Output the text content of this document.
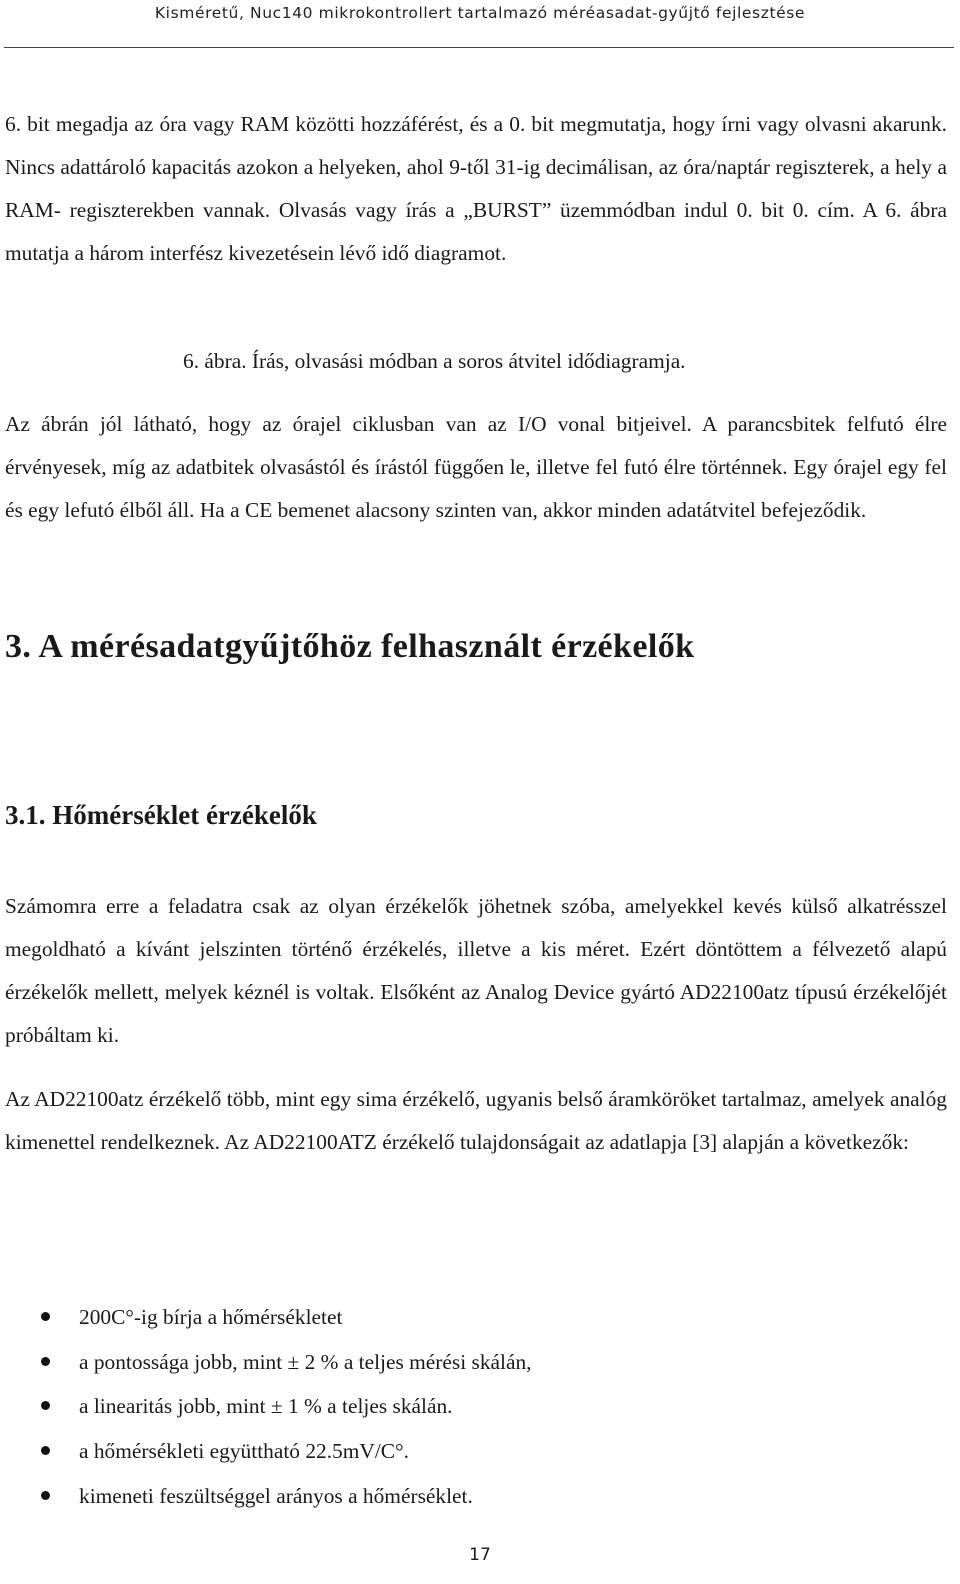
Kisméretű, Nuc140 mikrokontrollert tartalmazó méréasadat-gyűjtő fejlesztése

6. bit megadja az óra vagy RAM közötti hozzáférést, és a 0. bit megmutatja, hogy írni vagy olvasni akarunk. Nincs adattároló kapacitás azokon a helyeken, ahol 9-től 31-ig decimálisan, az óra/naptár regiszterek, a hely a RAM- regiszterekben vannak. Olvasás vagy írás a „BURST” üzemmódban indul 0. bit 0. cím. A 6. ábra mutatja a három interfész kivezetésein lévő idő diagramot.

6. ábra. Írás, olvasási módban a soros átvitel idődiagramja.

Az ábrán jól látható, hogy az órajel ciklusban van az I/O vonal bitjeivel. A parancsbitek felfutó élre érvényesek, míg az adatbitek olvasástól és írástól függően le, illetve fel futó élre történnek. Egy órajel egy fel és egy lefutó élből áll. Ha a CE bemenet alacsony szinten van, akkor minden adatátvitel befejeződik.

3. A mérésadatgyűjtőhöz felhasznált érzékelők
3.1. Hőmérséklet érzékelők

Számomra erre a feladatra csak az olyan érzékelők jöhetnek szóba, amelyekkel kevés külső alkatrésszel megoldható a kívánt jelszinten történő érzékelés, illetve a kis méret. Ezért döntöttem a félvezető alapú érzékelők mellett, melyek kéznél is voltak. Elsőként az Analog Device gyártó AD22100atz típusú érzékelőjét próbáltam ki.

Az AD22100atz érzékelő több, mint egy sima érzékelő, ugyanis belső áramköröket tartalmaz, amelyek analóg kimenettel rendelkeznek. Az AD22100ATZ érzékelő tulajdonságait az adatlapja [3] alapján a következők:

200C°-ig bírja a hőmérsékletet
a pontossága jobb, mint ± 2 % a teljes mérési skálán,
a linearitás jobb, mint ± 1 % a teljes skálán.
a hőmérsékleti együttható 22.5mV/C°.
kimeneti feszültséggel arányos a hőmérséklet.
17
